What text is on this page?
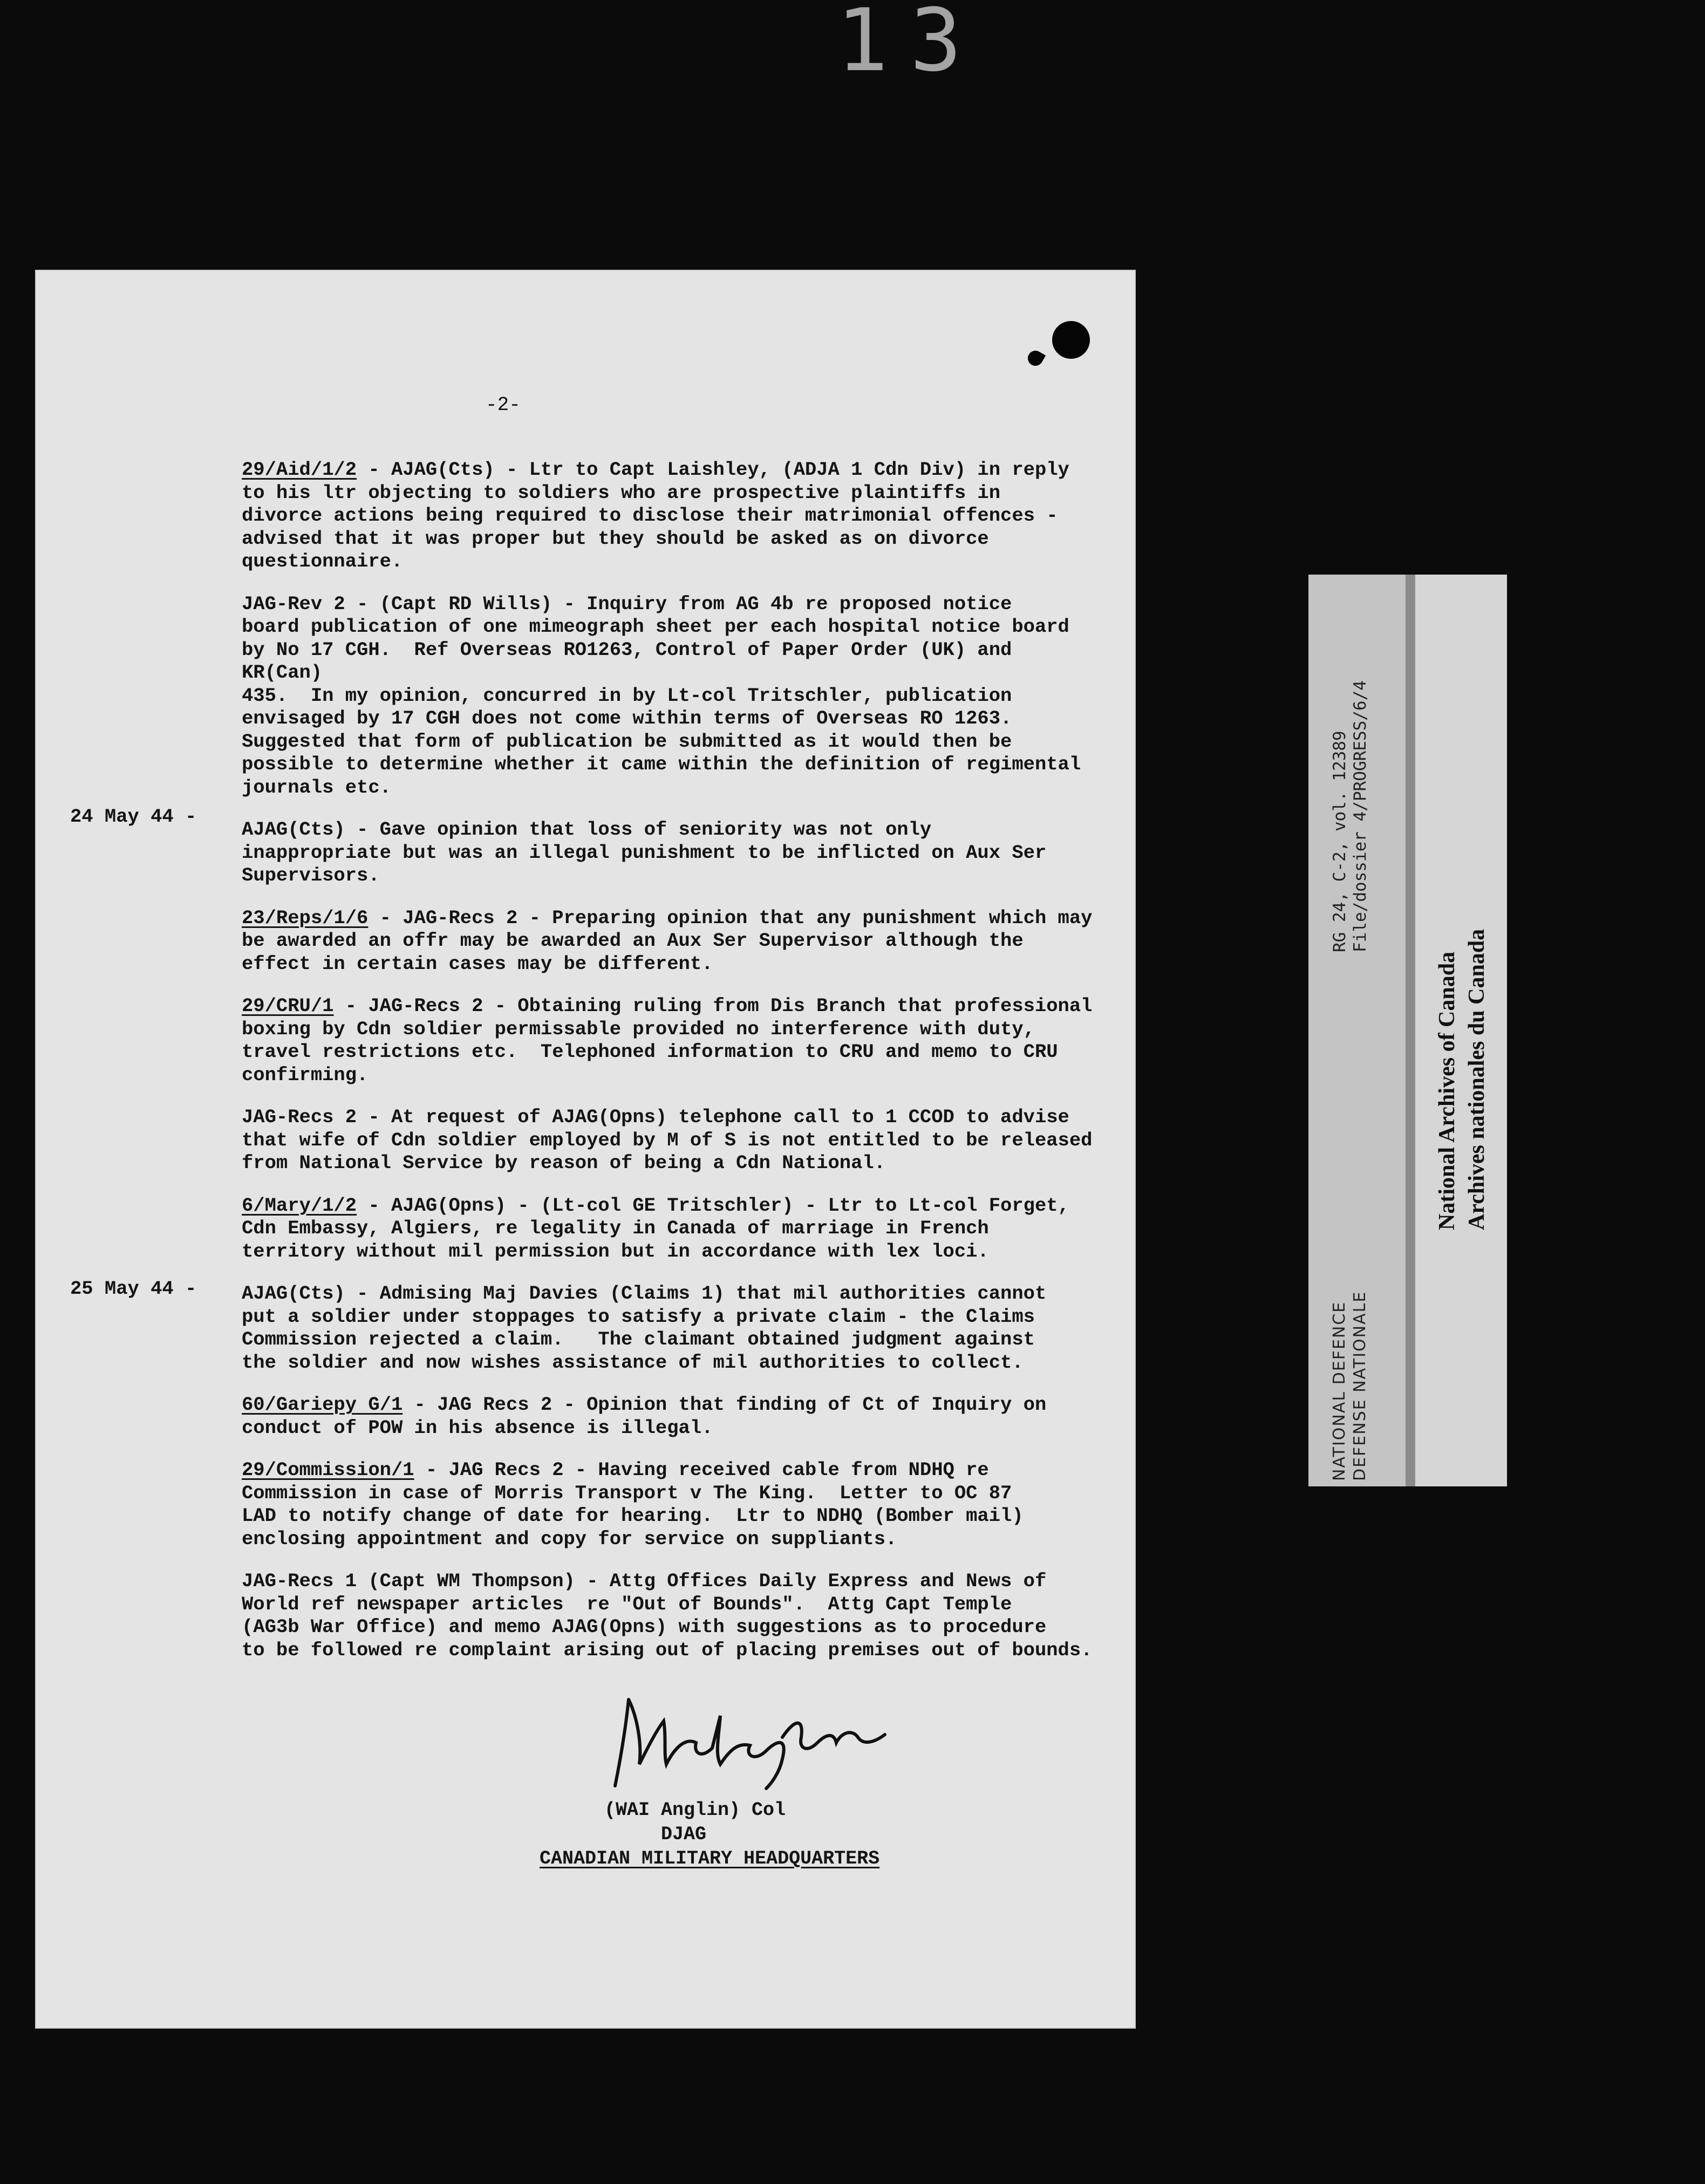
13
-2-
24 May 44 -
25 May 44 -
29/Aid/1/2 - AJAG(Cts) - Ltr to Capt Laishley, (ADJA 1 Cdn Div) in reply
to his ltr objecting to soldiers who are prospective plaintiffs in
divorce actions being required to disclose their matrimonial offences -
advised that it was proper but they should be asked as on divorce
questionnaire.
JAG-Rev 2 - (Capt RD Wills) - Inquiry from AG 4b re proposed notice
board publication of one mimeograph sheet per each hospital notice board
by No 17 CGH.  Ref Overseas RO1263, Control of Paper Order (UK) and KR(Can)
435.  In my opinion, concurred in by Lt-col Tritschler, publication
envisaged by 17 CGH does not come within terms of Overseas RO 1263.
Suggested that form of publication be submitted as it would then be
possible to determine whether it came within the definition of regimental
journals etc.
AJAG(Cts) - Gave opinion that loss of seniority was not only
inappropriate but was an illegal punishment to be inflicted on Aux Ser
Supervisors.
23/Reps/1/6 - JAG-Recs 2 - Preparing opinion that any punishment which may
be awarded an offr may be awarded an Aux Ser Supervisor although the
effect in certain cases may be different.
29/CRU/1 - JAG-Recs 2 - Obtaining ruling from Dis Branch that professional
boxing by Cdn soldier permissable provided no interference with duty,
travel restrictions etc.  Telephoned information to CRU and memo to CRU
confirming.
JAG-Recs 2 - At request of AJAG(Opns) telephone call to 1 CCOD to advise
that wife of Cdn soldier employed by M of S is not entitled to be released
from National Service by reason of being a Cdn National.
6/Mary/1/2 - AJAG(Opns) - (Lt-col GE Tritschler) - Ltr to Lt-col Forget,
Cdn Embassy, Algiers, re legality in Canada of marriage in French
territory without mil permission but in accordance with lex loci.
AJAG(Cts) - Admising Maj Davies (Claims 1) that mil authorities cannot
put a soldier under stoppages to satisfy a private claim - the Claims
Commission rejected a claim.   The claimant obtained judgment against
the soldier and now wishes assistance of mil authorities to collect.
60/Gariepy G/1 - JAG Recs 2 - Opinion that finding of Ct of Inquiry on
conduct of POW in his absence is illegal.
29/Commission/1 - JAG Recs 2 - Having received cable from NDHQ re
Commission in case of Morris Transport v The King.  Letter to OC 87
LAD to notify change of date for hearing.  Ltr to NDHQ (Bomber mail)
enclosing appointment and copy for service on suppliants.
JAG-Recs 1 (Capt WM Thompson) - Attg Offices Daily Express and News of
World ref newspaper articles  re "Out of Bounds".  Attg Capt Temple
(AG3b War Office) and memo AJAG(Opns) with suggestions as to procedure
to be followed re complaint arising out of placing premises out of bounds.
(WAI Anglin) Col
DJAG
CANADIAN MILITARY HEADQUARTERS
RG 24, C-2, vol. 12389 File/dossier 4/PROGRESS/6/4
NATIONAL DEFENCE DEFENSE NATIONALE
National Archives of Canada Archives nationales du Canada
